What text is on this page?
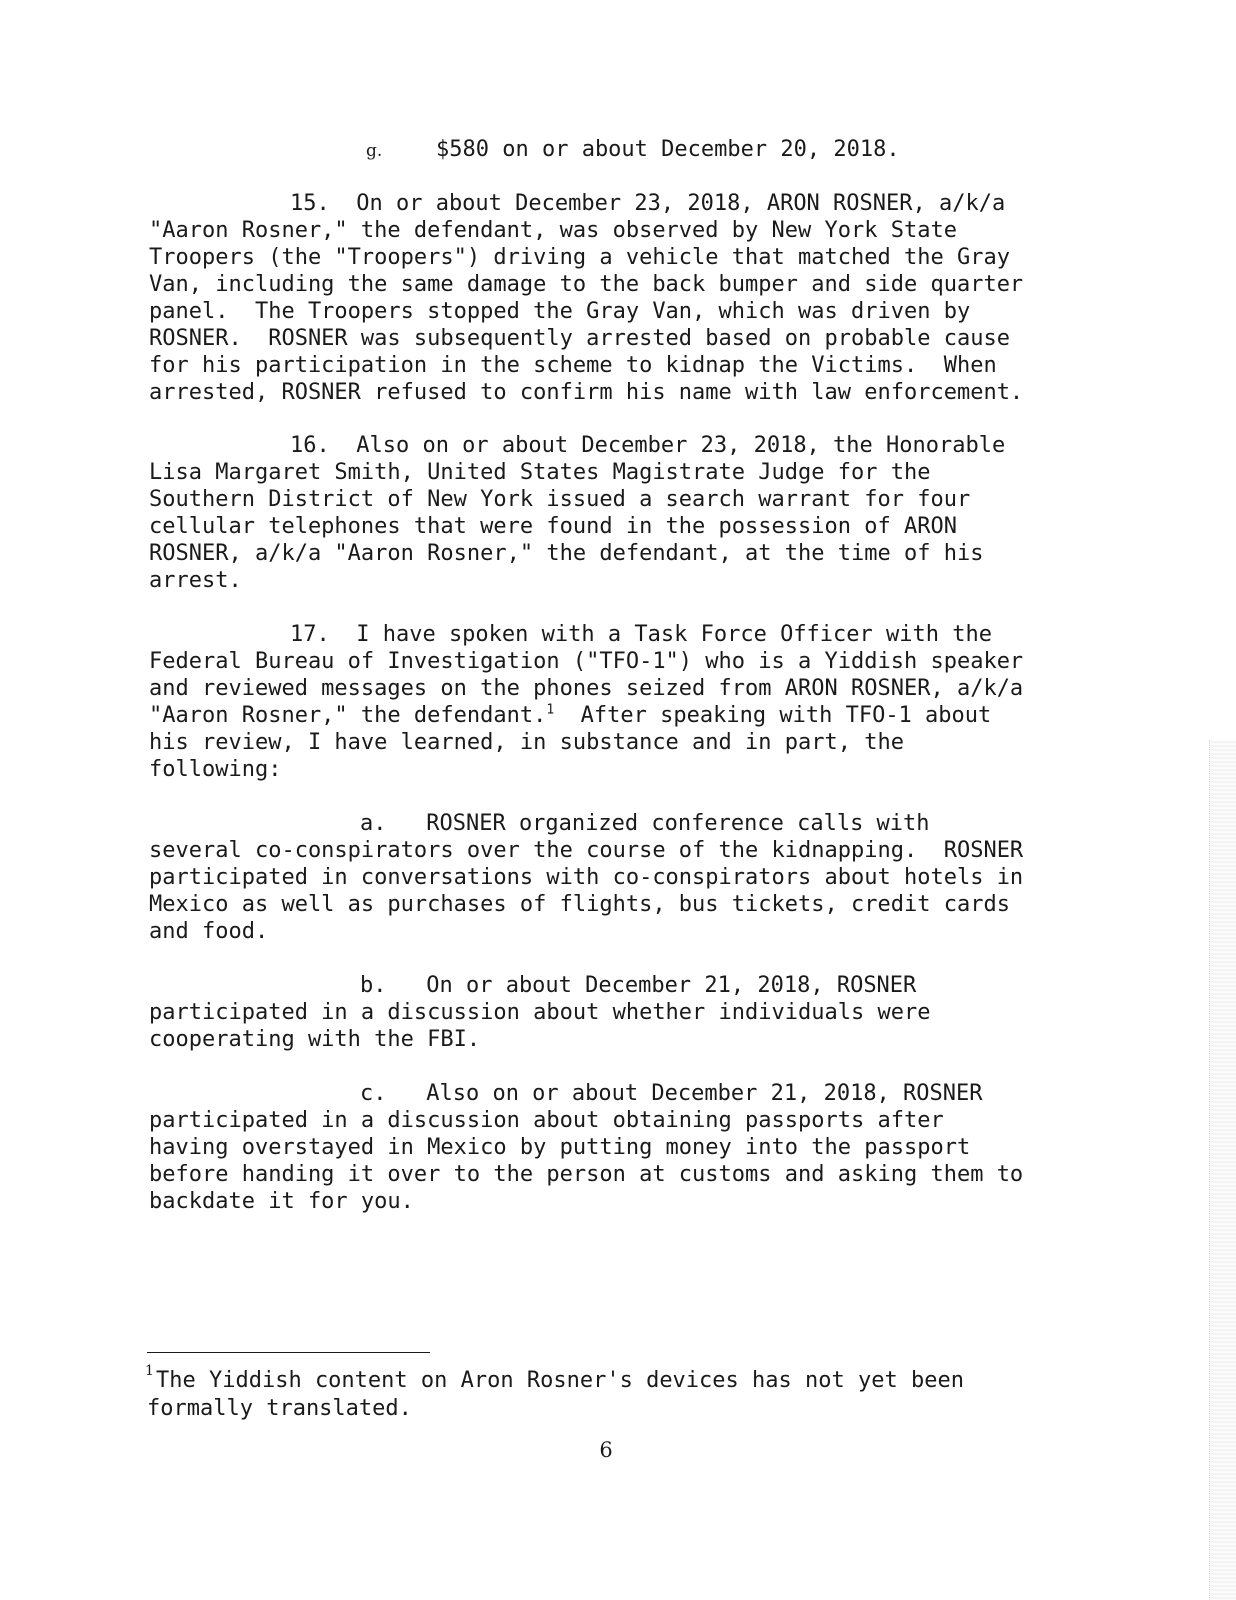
g. $580 on or about December 20, 2018.
15.  On or about December 23, 2018, ARON ROSNER, a/k/a
"Aaron Rosner," the defendant, was observed by New York State
Troopers (the "Troopers") driving a vehicle that matched the Gray
Van, including the same damage to the back bumper and side quarter
panel.  The Troopers stopped the Gray Van, which was driven by
ROSNER.  ROSNER was subsequently arrested based on probable cause
for his participation in the scheme to kidnap the Victims.  When
arrested, ROSNER refused to confirm his name with law enforcement.
16.  Also on or about December 23, 2018, the Honorable
Lisa Margaret Smith, United States Magistrate Judge for the
Southern District of New York issued a search warrant for four
cellular telephones that were found in the possession of ARON
ROSNER, a/k/a "Aaron Rosner," the defendant, at the time of his
arrest.
17.  I have spoken with a Task Force Officer with the
Federal Bureau of Investigation ("TFO-1") who is a Yiddish speaker
and reviewed messages on the phones seized from ARON ROSNER, a/k/a
"Aaron Rosner," the defendant.$^1$  After speaking with TFO-1 about
his review, I have learned, in substance and in part, the
following:
a.   ROSNER organized conference calls with
several co-conspirators over the course of the kidnapping.  ROSNER
participated in conversations with co-conspirators about hotels in
Mexico as well as purchases of flights, bus tickets, credit cards
and food.
b.   On or about December 21, 2018, ROSNER
participated in a discussion about whether individuals were
cooperating with the FBI.
c.   Also on or about December 21, 2018, ROSNER
participated in a discussion about obtaining passports after
having overstayed in Mexico by putting money into the passport
before handing it over to the person at customs and asking them to
backdate it for you.
1 The Yiddish content on Aron Rosner's devices has not yet been
formally translated.
6
